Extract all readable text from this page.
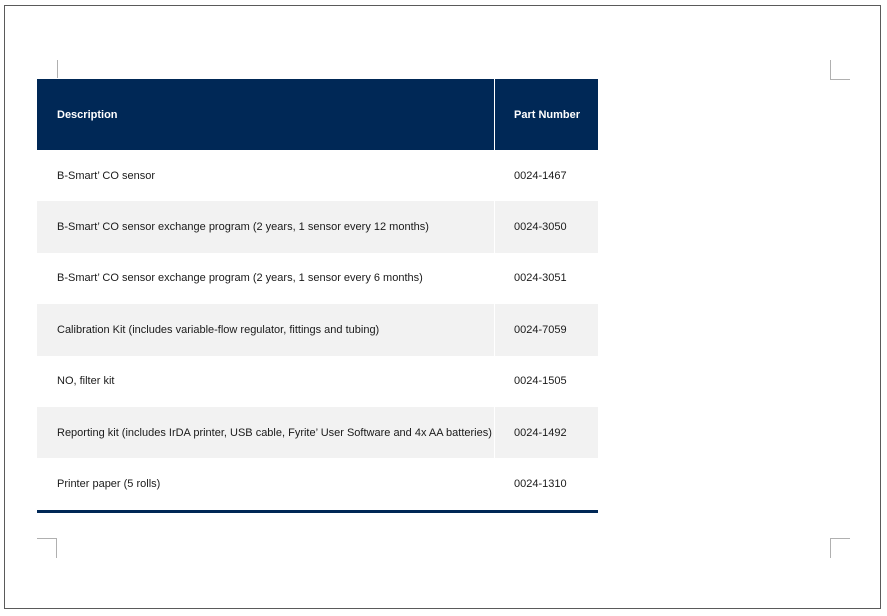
Description	Part Number
B-Smart’ CO sensor	0024-1467
B-Smart’ CO sensor exchange program (2 years, 1 sensor every 12 months)	0024-3050
B-Smart’ CO sensor exchange program (2 years, 1 sensor every 6 months)	0024-3051
Calibration Kit (includes variable-flow regulator, fittings and tubing)	0024-7059
NO, filter kit	0024-1505
Reporting kit (includes IrDA printer, USB cable, Fyrite’ User Software and 4x AA batteries)	0024-1492
Printer paper (5 rolls)	0024-1310
